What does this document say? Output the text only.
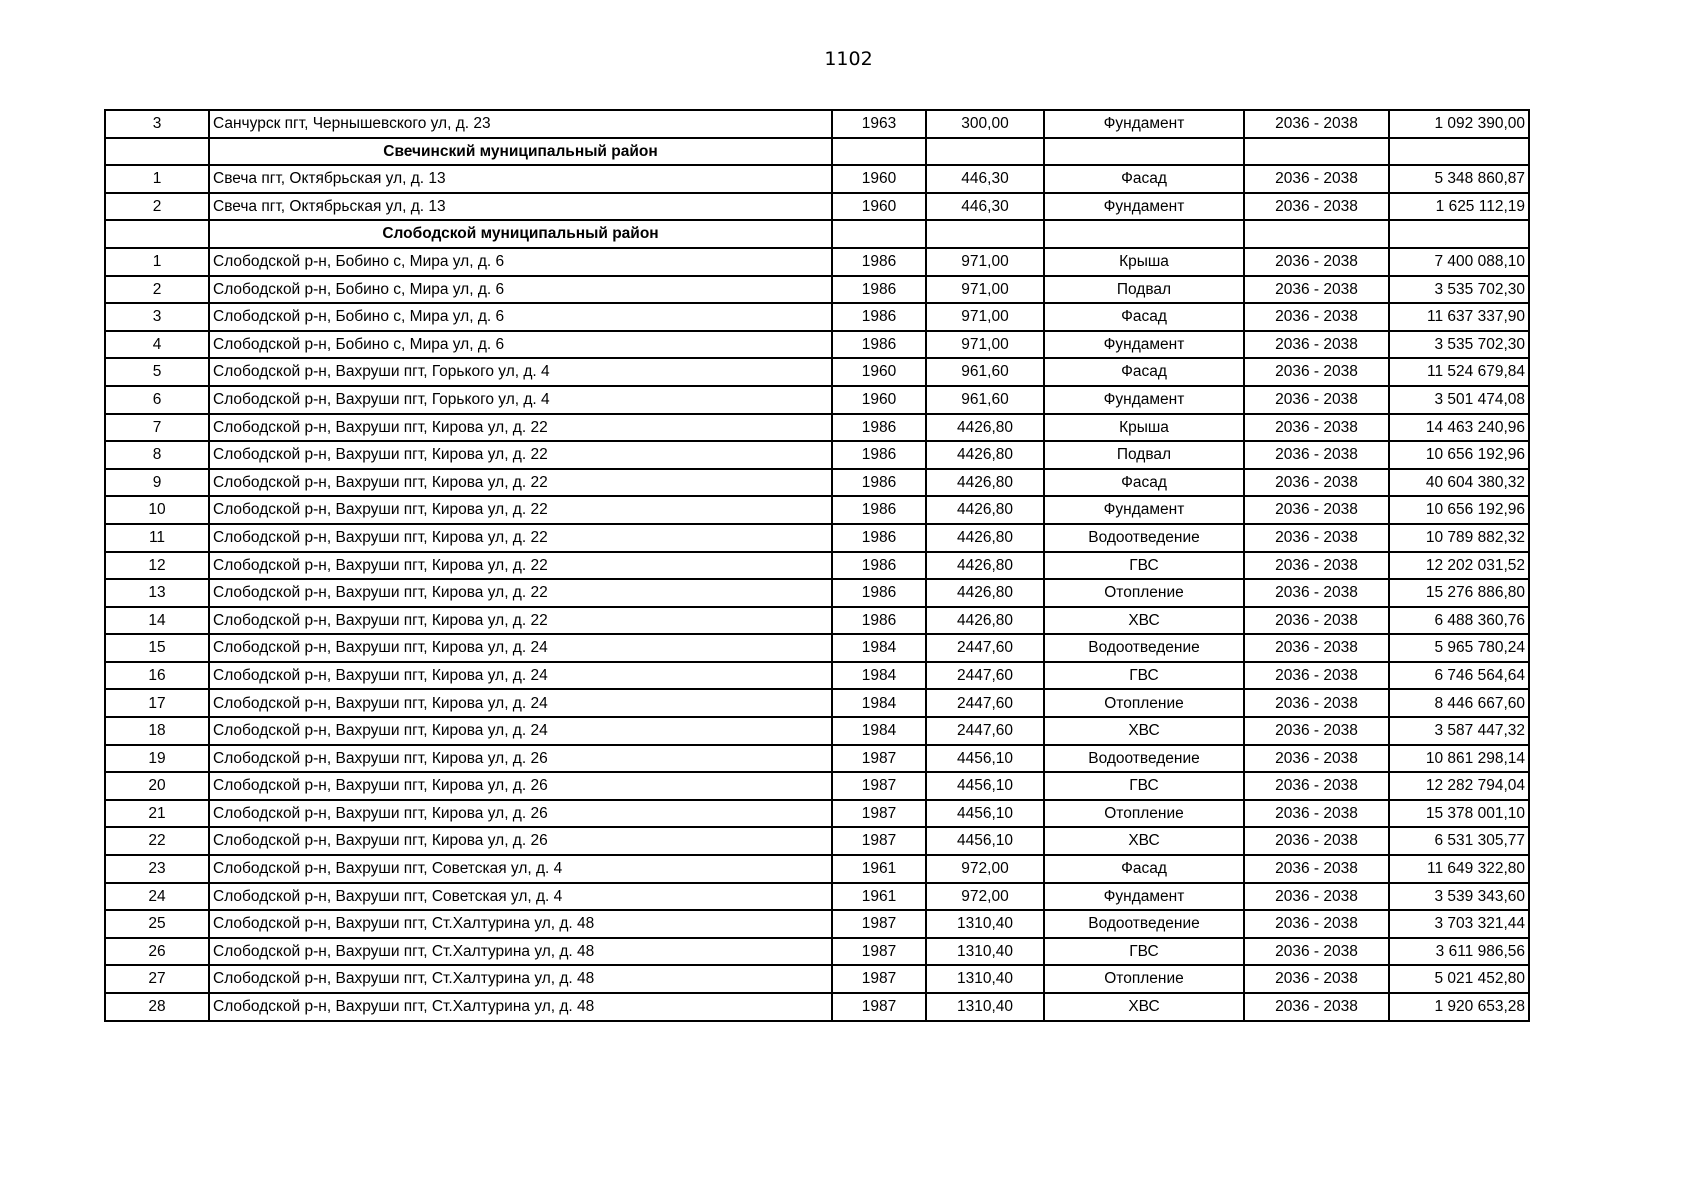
1102
3	Санчурск пгт, Чернышевского ул, д. 23	1963	300,00	Фундамент	2036 - 2038	1 092 390,00
	Свечинский муниципальный район					
1	Свеча пгт, Октябрьская ул, д. 13	1960	446,30	Фасад	2036 - 2038	5 348 860,87
2	Свеча пгт, Октябрьская ул, д. 13	1960	446,30	Фундамент	2036 - 2038	1 625 112,19
	Слободской муниципальный район					
1	Слободской р-н, Бобино с, Мира ул, д. 6	1986	971,00	Крыша	2036 - 2038	7 400 088,10
2	Слободской р-н, Бобино с, Мира ул, д. 6	1986	971,00	Подвал	2036 - 2038	3 535 702,30
3	Слободской р-н, Бобино с, Мира ул, д. 6	1986	971,00	Фасад	2036 - 2038	11 637 337,90
4	Слободской р-н, Бобино с, Мира ул, д. 6	1986	971,00	Фундамент	2036 - 2038	3 535 702,30
5	Слободской р-н, Вахруши пгт, Горького ул, д. 4	1960	961,60	Фасад	2036 - 2038	11 524 679,84
6	Слободской р-н, Вахруши пгт, Горького ул, д. 4	1960	961,60	Фундамент	2036 - 2038	3 501 474,08
7	Слободской р-н, Вахруши пгт, Кирова ул, д. 22	1986	4426,80	Крыша	2036 - 2038	14 463 240,96
8	Слободской р-н, Вахруши пгт, Кирова ул, д. 22	1986	4426,80	Подвал	2036 - 2038	10 656 192,96
9	Слободской р-н, Вахруши пгт, Кирова ул, д. 22	1986	4426,80	Фасад	2036 - 2038	40 604 380,32
10	Слободской р-н, Вахруши пгт, Кирова ул, д. 22	1986	4426,80	Фундамент	2036 - 2038	10 656 192,96
11	Слободской р-н, Вахруши пгт, Кирова ул, д. 22	1986	4426,80	Водоотведение	2036 - 2038	10 789 882,32
12	Слободской р-н, Вахруши пгт, Кирова ул, д. 22	1986	4426,80	ГВС	2036 - 2038	12 202 031,52
13	Слободской р-н, Вахруши пгт, Кирова ул, д. 22	1986	4426,80	Отопление	2036 - 2038	15 276 886,80
14	Слободской р-н, Вахруши пгт, Кирова ул, д. 22	1986	4426,80	ХВС	2036 - 2038	6 488 360,76
15	Слободской р-н, Вахруши пгт, Кирова ул, д. 24	1984	2447,60	Водоотведение	2036 - 2038	5 965 780,24
16	Слободской р-н, Вахруши пгт, Кирова ул, д. 24	1984	2447,60	ГВС	2036 - 2038	6 746 564,64
17	Слободской р-н, Вахруши пгт, Кирова ул, д. 24	1984	2447,60	Отопление	2036 - 2038	8 446 667,60
18	Слободской р-н, Вахруши пгт, Кирова ул, д. 24	1984	2447,60	ХВС	2036 - 2038	3 587 447,32
19	Слободской р-н, Вахруши пгт, Кирова ул, д. 26	1987	4456,10	Водоотведение	2036 - 2038	10 861 298,14
20	Слободской р-н, Вахруши пгт, Кирова ул, д. 26	1987	4456,10	ГВС	2036 - 2038	12 282 794,04
21	Слободской р-н, Вахруши пгт, Кирова ул, д. 26	1987	4456,10	Отопление	2036 - 2038	15 378 001,10
22	Слободской р-н, Вахруши пгт, Кирова ул, д. 26	1987	4456,10	ХВС	2036 - 2038	6 531 305,77
23	Слободской р-н, Вахруши пгт, Советская ул, д. 4	1961	972,00	Фасад	2036 - 2038	11 649 322,80
24	Слободской р-н, Вахруши пгт, Советская ул, д. 4	1961	972,00	Фундамент	2036 - 2038	3 539 343,60
25	Слободской р-н, Вахруши пгт, Ст.Халтурина ул, д. 48	1987	1310,40	Водоотведение	2036 - 2038	3 703 321,44
26	Слободской р-н, Вахруши пгт, Ст.Халтурина ул, д. 48	1987	1310,40	ГВС	2036 - 2038	3 611 986,56
27	Слободской р-н, Вахруши пгт, Ст.Халтурина ул, д. 48	1987	1310,40	Отопление	2036 - 2038	5 021 452,80
28	Слободской р-н, Вахруши пгт, Ст.Халтурина ул, д. 48	1987	1310,40	ХВС	2036 - 2038	1 920 653,28
